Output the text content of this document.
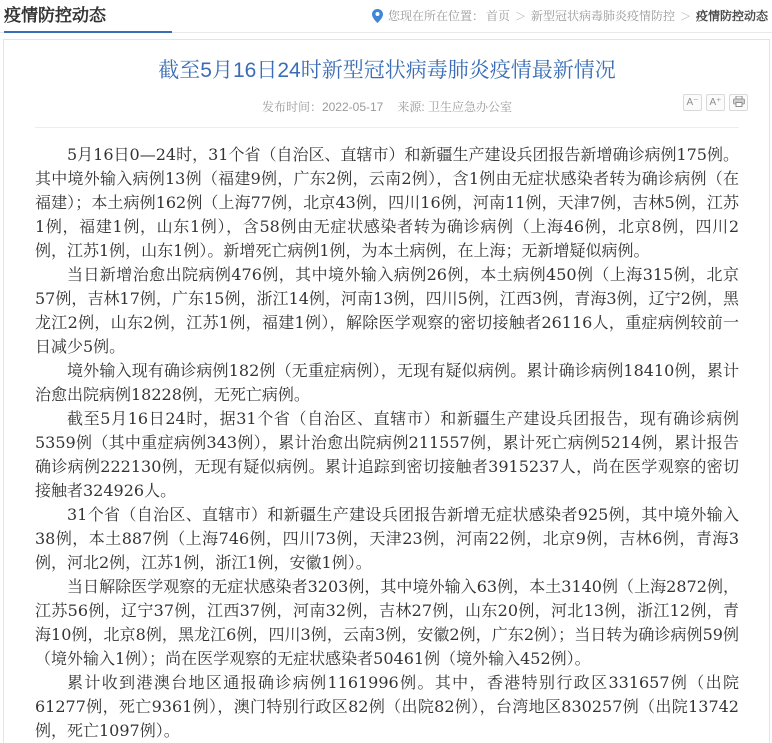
疫情防控动态	您现在所在位置： 首页 ＞ 新型冠状病毒肺炎疫情防控 ＞ 疫情防控动态
截至5月16日24时新型冠状病毒肺炎疫情最新情况
发布时间：2022-05-17 来源: 卫生应急办公室	A⁻	A⁺

5月16日0—24时，31个省（自治区、直辖市）和新疆生产建设兵团报告新增确诊病例175例。其中境外输入病例13例（福建9例，广东2例，云南2例），含1例由无症状感染者转为确诊病例（在福建）；本土病例162例（上海77例，北京43例，四川16例，河南11例，天津7例，吉林5例，江苏1例，福建1例，山东1例），含58例由无症状感染者转为确诊病例（上海46例，北京8例，四川2例，江苏1例，山东1例）。新增死亡病例1例，为本土病例，在上海；无新增疑似病例。

当日新增治愈出院病例476例，其中境外输入病例26例，本土病例450例（上海315例，北京57例，吉林17例，广东15例，浙江14例，河南13例，四川5例，江西3例，青海3例，辽宁2例，黑龙江2例，山东2例，江苏1例，福建1例），解除医学观察的密切接触者26116人，重症病例较前一日减少5例。

境外输入现有确诊病例182例（无重症病例），无现有疑似病例。累计确诊病例18410例，累计治愈出院病例18228例，无死亡病例。

截至5月16日24时，据31个省（自治区、直辖市）和新疆生产建设兵团报告，现有确诊病例5359例（其中重症病例343例），累计治愈出院病例211557例，累计死亡病例5214例，累计报告确诊病例222130例，无现有疑似病例。累计追踪到密切接触者3915237人，尚在医学观察的密切接触者324926人。

31个省（自治区、直辖市）和新疆生产建设兵团报告新增无症状感染者925例，其中境外输入38例，本土887例（上海746例，四川73例，天津23例，河南22例，北京9例，吉林6例，青海3例，河北2例，江苏1例，浙江1例，安徽1例）。

当日解除医学观察的无症状感染者3203例，其中境外输入63例，本土3140例（上海2872例，江苏56例，辽宁37例，江西37例，河南32例，吉林27例，山东20例，河北13例，浙江12例，青海10例，北京8例，黑龙江6例，四川3例，云南3例，安徽2例，广东2例）；当日转为确诊病例59例（境外输入1例）；尚在医学观察的无症状感染者50461例（境外输入452例）。

累计收到港澳台地区通报确诊病例1161996例。其中，香港特别行政区331657例（出院61277例，死亡9361例），澳门特别行政区82例（出院82例），台湾地区830257例（出院13742例，死亡1097例）。
